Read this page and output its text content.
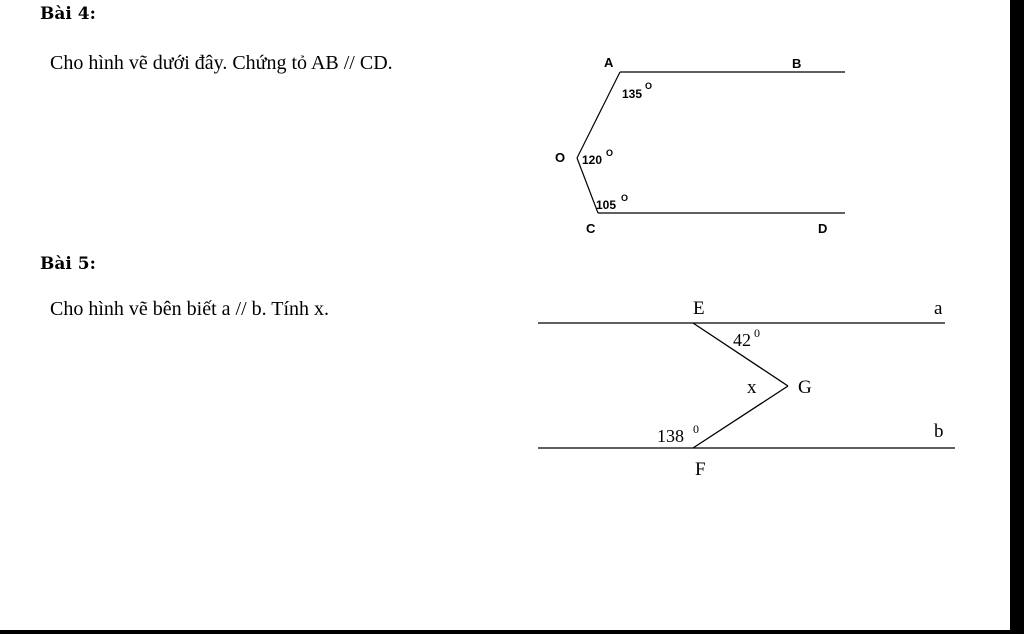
Bài 4:
Cho hình vẽ dưới đây. Chứng tỏ AB // CD.
Bài 5:
Cho hình vẽ bên biết a // b. Tính x.
A	B
O
C	D
135
O
120 O
105 O
E	a
G
x
b
F
42 0
138 0
